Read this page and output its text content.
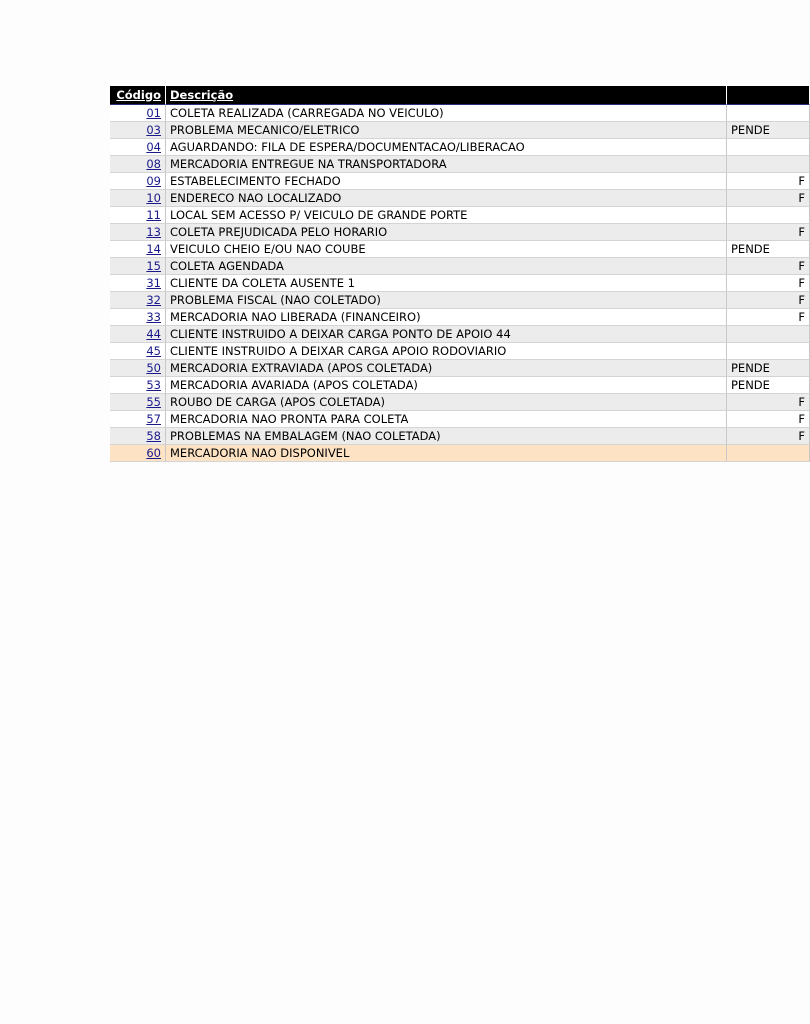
Código	Descrição	
01	COLETA REALIZADA (CARREGADA NO VEICULO)	
03	PROBLEMA MECANICO/ELETRICO	PENDE
04	AGUARDANDO: FILA DE ESPERA/DOCUMENTACAO/LIBERACAO	
08	MERCADORIA ENTREGUE NA TRANSPORTADORA	
09	ESTABELECIMENTO FECHADO	F
10	ENDERECO NAO LOCALIZADO	F
11	LOCAL SEM ACESSO P/ VEICULO DE GRANDE PORTE	
13	COLETA PREJUDICADA PELO HORARIO	F
14	VEICULO CHEIO E/OU NAO COUBE	PENDE
15	COLETA AGENDADA	F
31	CLIENTE DA COLETA AUSENTE 1	F
32	PROBLEMA FISCAL (NAO COLETADO)	F
33	MERCADORIA NAO LIBERADA (FINANCEIRO)	F
44	CLIENTE INSTRUIDO A DEIXAR CARGA PONTO DE APOIO 44	
45	CLIENTE INSTRUIDO A DEIXAR CARGA APOIO RODOVIARIO	
50	MERCADORIA EXTRAVIADA (APOS COLETADA)	PENDE
53	MERCADORIA AVARIADA (APOS COLETADA)	PENDE
55	ROUBO DE CARGA (APOS COLETADA)	F
57	MERCADORIA NAO PRONTA PARA COLETA	F
58	PROBLEMAS NA EMBALAGEM (NAO COLETADA)	F
60	MERCADORIA NAO DISPONIVEL	
